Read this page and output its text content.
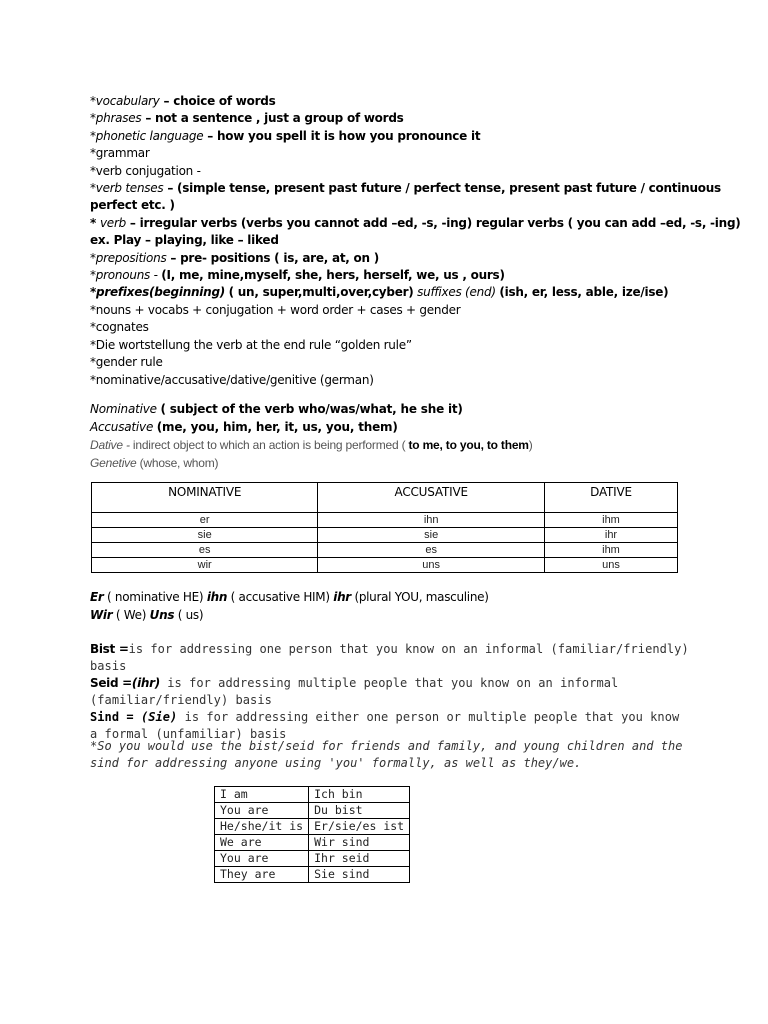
*vocabulary – choice of words
*phrases – not a sentence , just a group of words
*phonetic language – how you spell it is how you pronounce it
*grammar
*verb conjugation -
*verb tenses – (simple tense, present past future / perfect tense, present past future / continuous perfect etc. )
* verb – irregular verbs (verbs you cannot add –ed, -s, -ing) regular verbs ( you can add –ed, -s, -ing)
ex. Play – playing, like – liked
*prepositions – pre- positions ( is, are, at, on )
*pronouns - (I, me, mine,myself, she, hers, herself, we, us , ours)
*prefixes(beginning) ( un, super,multi,over,cyber) suffixes (end) (ish, er, less, able, ize/ise)
*nouns + vocabs + conjugation + word order + cases + gender
*cognates
*Die wortstellung the verb at the end rule “golden rule”
*gender rule
*nominative/accusative/dative/genitive (german)
Nominative ( subject of the verb who/was/what, he she it)
Accusative (me, you, him, her, it, us, you, them)
Dative - indirect object to which an action is being performed ( to me, to you, to them)
Genetive (whose, whom)
NOMINATIVE	ACCUSATIVE	DATIVE
er	ihn	ihm
sie	sie	ihr
es	es	ihm
wir	uns	uns
Er ( nominative HE) ihn ( accusative HIM) ihr (plural YOU, masculine)
Wir ( We) Uns ( us)
Bist =is for addressing one person that you know on an informal (familiar/friendly) basis
Seid =(ihr) is for addressing multiple people that you know on an informal (familiar/friendly) basis
Sind = (Sie) is for addressing either one person or multiple people that you know a formal (unfamiliar) basis
*So you would use the bist/seid for friends and family, and young children and the sind for addressing anyone using 'you' formally, as well as they/we.
I am	Ich bin
You are	Du bist
He/she/it is	Er/sie/es ist
We are	Wir sind
You are	Ihr seid
They are	Sie sind
